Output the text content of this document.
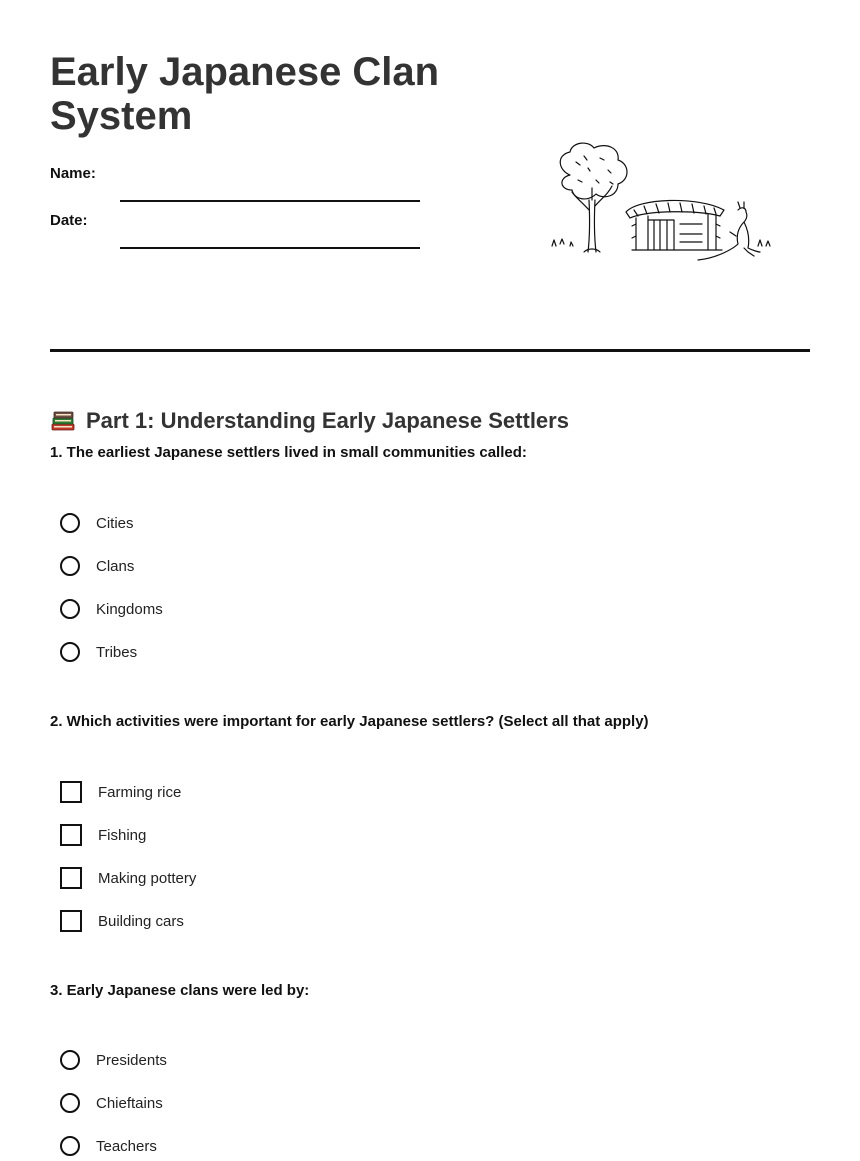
Early Japanese Clan System
Name:
Date:
Part 1: Understanding Early Japanese Settlers
1. The earliest Japanese settlers lived in small communities called:
Cities
Clans
Kingdoms
Tribes
2. Which activities were important for early Japanese settlers? (Select all that apply)
Farming rice
Fishing
Making pottery
Building cars
3. Early Japanese clans were led by:
Presidents
Chieftains
Teachers
